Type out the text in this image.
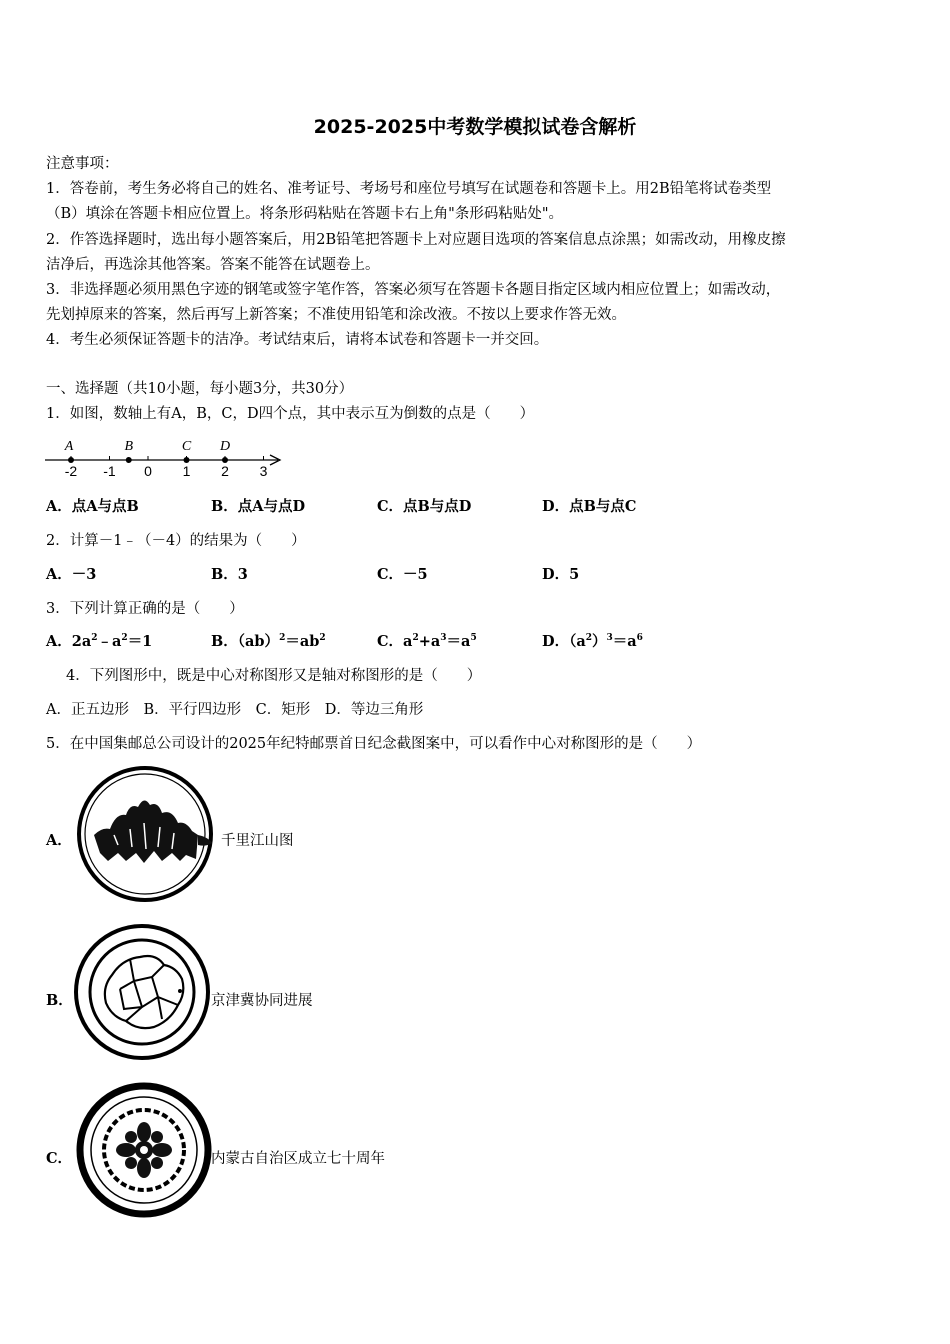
2025-2025中考数学模拟试卷含解析
注意事项：
1．答卷前，考生务必将自己的姓名、准考证号、考场号和座位号填写在试题卷和答题卡上。用2B铅笔将试卷类型
（B）填涂在答题卡相应位置上。将条形码粘贴在答题卡右上角"条形码粘贴处"。
2．作答选择题时，选出每小题答案后，用2B铅笔把答题卡上对应题目选项的答案信息点涂黑；如需改动，用橡皮擦
洁净后，再选涂其他答案。答案不能答在试题卷上。
3．非选择题必须用黑色字迹的钢笔或签字笔作答，答案必须写在答题卡各题目指定区域内相应位置上；如需改动，
先划掉原来的答案，然后再写上新答案；不准使用铅笔和涂改液。不按以上要求作答无效。
4．考生必须保证答题卡的洁净。考试结束后，请将本试卷和答题卡一并交回。
一、选择题（共10小题，每小题3分，共30分）
1．如图，数轴上有A，B，C，D四个点，其中表示互为倒数的点是（　　）
-2 -1 0 1 2 3
A	B	C D
A．点A与点B	B．点A与点D	C．点B与点D	D．点B与点C
2．计算－1﹣（－4）的结果为（　　）
A．－3	B．3	C．－5	D．5
3．下列计算正确的是（　　）
A．$2a^2﹣a^2=1$	B．$(ab)^2=ab^2$	C．$a^2+a^3=a^5$	D．$(a^2)^3=a^6$
4．下列图形中，既是中心对称图形又是轴对称图形的是（　　）
A．正五边形　B．平行四边形　C．矩形　D．等边三角形
5．在中国集邮总公司设计的2025年纪特邮票首日纪念截图案中，可以看作中心对称图形的是（　　）
A．	千里江山图
B．	京津冀协同进展
C．	内蒙古自治区成立七十周年
